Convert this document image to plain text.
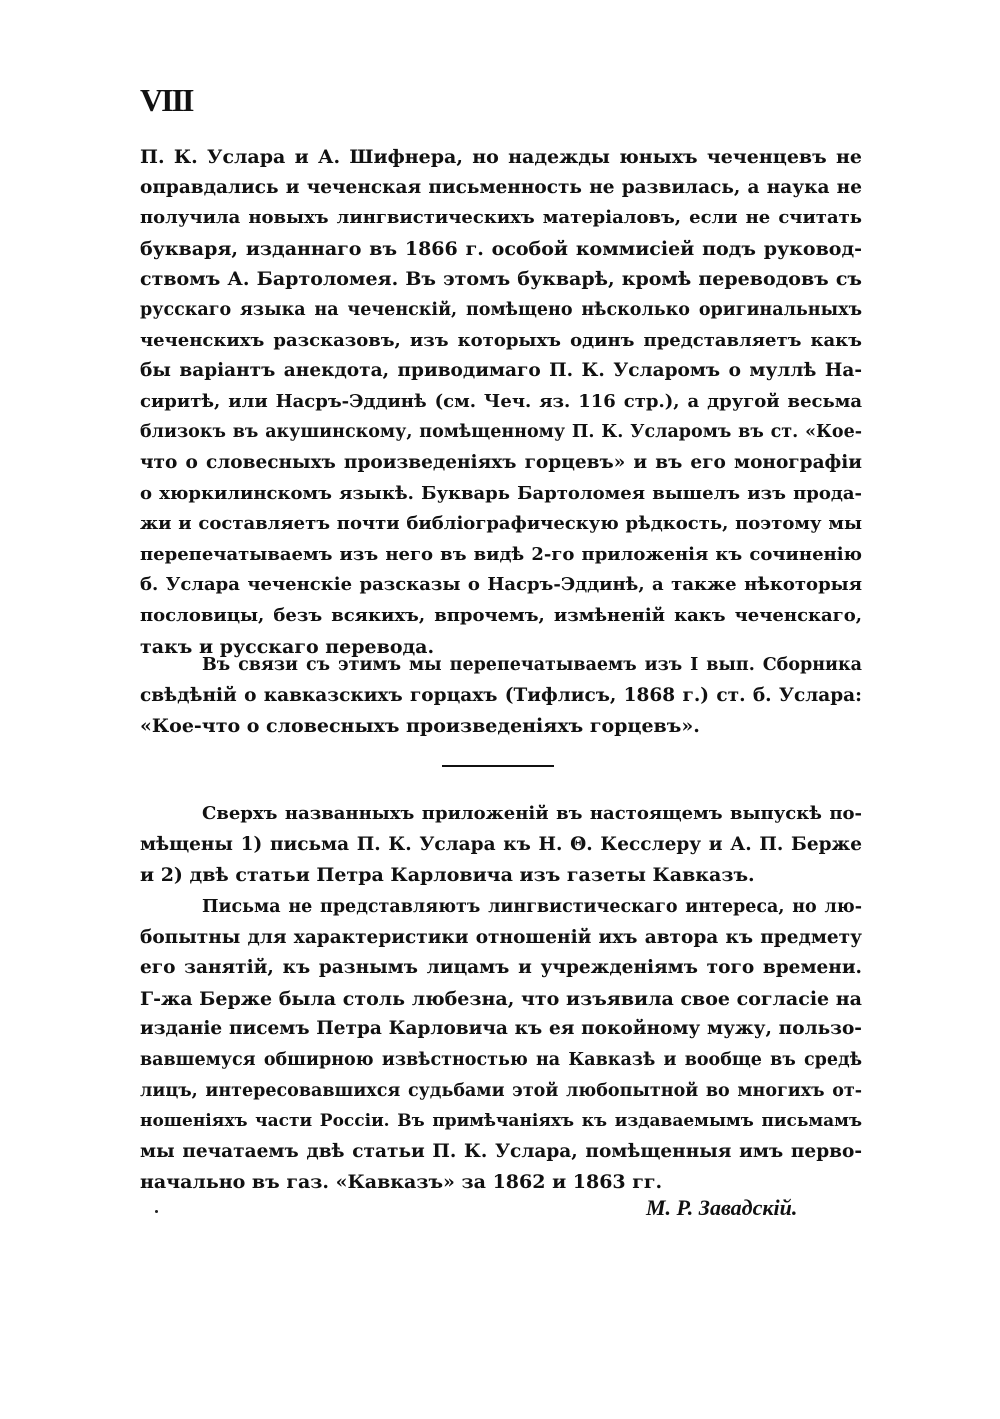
VIII
П. К. Услара и А. Шифнера, но надежды юныхъ чеченцевъ не
оправдались и чеченская письменность не развилась, а наука не
получила новыхъ лингвистическихъ матеріаловъ, если не считать
букваря, изданнаго въ 1866 г. особой коммисіей подъ руковод-
ствомъ А. Бартоломея. Въ этомъ букварѣ, кромѣ переводовъ съ
русскаго языка на чеченскій, помѣщено нѣсколько оригинальныхъ
чеченскихъ разсказовъ, изъ которыхъ одинъ представляетъ какъ
бы варіантъ анекдота, приводимаго П. К. Усларомъ о муллѣ На-
сиритѣ, или Насръ-Эддинѣ (см. Чеч. яз. 116 стр.), а другой весьма
близокъ въ акушинскому, помѣщенному П. К. Усларомъ въ ст. «Кое-
что о словесныхъ произведеніяхъ горцевъ» и въ его монографіи
о хюркилинскомъ языкѣ. Букварь Бартоломея вышелъ изъ прода-
жи и составляетъ почти библіографическую рѣдкость, поэтому мы
перепечатываемъ изъ него въ видѣ 2-го приложенія къ сочиненію
б. Услара чеченскіе разсказы о Насръ-Эддинѣ, а также нѣкоторыя
пословицы, безъ всякихъ, впрочемъ, измѣненій какъ чеченскаго,
такъ и русскаго перевода.
Въ связи съ этимъ мы перепечатываемъ изъ I вып. Сборника
свѣдѣній о кавказскихъ горцахъ (Тифлисъ, 1868 г.) ст. б. Услара:
«Кое-что о словесныхъ произведеніяхъ горцевъ».
Сверхъ названныхъ приложеній въ настоящемъ выпускѣ по-
мѣщены 1) письма П. К. Услара къ Н. Θ. Кесслеру и А. П. Берже
и 2) двѣ статьи Петра Карловича изъ газеты Кавказъ.
Письма не представляютъ лингвистическаго интереса, но лю-
бопытны для характеристики отношеній ихъ автора къ предмету
его занятій, къ разнымъ лицамъ и учрежденіямъ того времени.
Г-жа Берже была столь любезна, что изъявила свое согласіе на
изданіе писемъ Петра Карловича къ ея покойному мужу, пользо-
вавшемуся обширною извѣстностью на Кавказѣ и вообще въ средѣ
лицъ, интересовавшихся судьбами этой любопытной во многихъ от-
ношеніяхъ части Россіи. Въ примѣчаніяхъ къ издаваемымъ письмамъ
мы печатаемъ двѣ статьи П. К. Услара, помѣщенныя имъ перво-
начально въ газ. «Кавказъ» за 1862 и 1863 гг.
М. Р. Завадскій.
